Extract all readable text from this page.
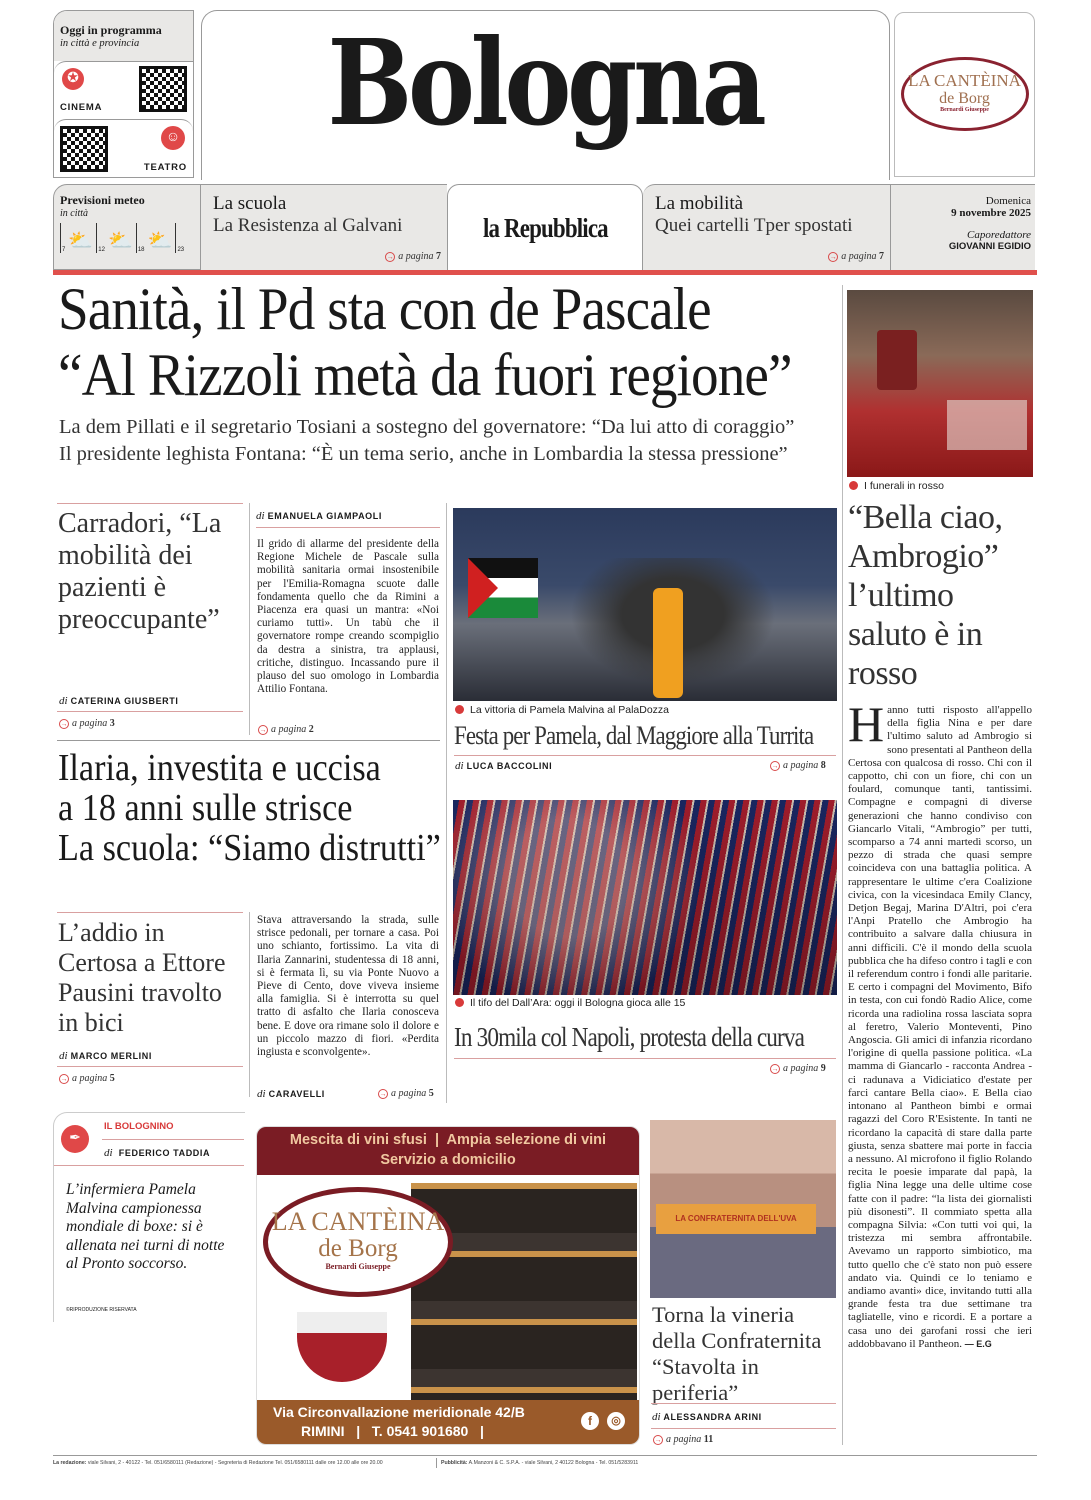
Oggi in programma
in città e provincia
✪
CINEMA
☺
TEATRO
Bologna	LA CANTÈINA
de Borg
Bernardi Giuseppe
Previsioni meteo
in città
7 ⛅ 12 ⛅ 18 ⛅ 23
La scuola
La Resistenza al Galvani
→ a pagina 7
la Repubblica
La mobilità
Quei cartelli Tper spostati
→ a pagina 7
Domenica
9 novembre 2025
Caporedattore
GIOVANNI EGIDIO
Sanità, il Pd sta con de Pascale
“Al Rizzoli metà da fuori regione”
La dem Pillati e il segretario Tosiani a sostegno del governatore: “Da lui atto di coraggio”
Il presidente leghista Fontana: “È un tema serio, anche in Lombardia la stessa pressione”
Carradori, “La mobilità dei pazienti è preoccupante”
di CATERINA GIUSBERTI
→ a pagina 3
di EMANUELA GIAMPAOLI
Il grido di allarme del presidente della Regione Michele de Pascale sulla mobilità sanitaria ormai insostenibile per l'Emilia-Romagna scuote dalle fondamenta quello che da Rimini a Piacenza era quasi un mantra: «Noi curiamo tutti». Un tabù che il governatore rompe creando scompiglio da destra a sinistra, tra applausi, critiche, distinguo. Incassando pure il plauso del suo omologo in Lombardia Attilio Fontana.
→ a pagina 2
La vittoria di Pamela Malvina al PalaDozza
Festa per Pamela, dal Maggiore alla Turrita
di LUCA BACCOLINI	→ a pagina 8
Ilaria, investita e uccisa
a 18 anni sulle strisce
La scuola: “Siamo distrutti”
L’addio in Certosa a Ettore Pausini travolto in bici
di MARCO MERLINI
→ a pagina 5
Stava attraversando la strada, sulle strisce pedonali, per tornare a casa. Poi uno schianto, fortissimo. La vita di Ilaria Zannarini, studentessa di 18 anni, si è fermata lì, su via Ponte Nuovo a Pieve di Cento, dove viveva insieme alla famiglia. Si è interrotta su quel tratto di asfalto che Ilaria conosceva bene. E dove ora rimane solo il dolore e un piccolo mazzo di fiori. «Perdita ingiusta e sconvolgente».
di CARAVELLI	→ a pagina 5
Il tifo del Dall’Ara: oggi il Bologna gioca alle 15
In 30mila col Napoli, protesta della curva
→ a pagina 9
I funerali in rosso
“Bella ciao, Ambrogio” l’ultimo saluto è in rosso
Hanno tutti risposto all'appello della figlia Nina e per dare l'ultimo saluto ad Ambrogio si sono presentati al Pantheon della Certosa con qualcosa di rosso. Chi con il cappotto, chi con un fiore, chi con un foulard, comunque tanti, tantissimi. Compagne e compagni di diverse generazioni che hanno condiviso con Giancarlo Vitali, “Ambrogio” per tutti, scomparso a 74 anni martedì scorso, un pezzo di strada che quasi sempre coincideva con una battaglia politica. A rappresentare le ultime c'era Coalizione civica, con la vicesindaca Emily Clancy, Detjon Begaj, Marina D'Altri, poi c'era l'Anpi Pratello che Ambrogio ha contribuito a salvare dalla chiusura in anni difficili. C'è il mondo della scuola pubblica che ha difeso contro i tagli e con il referendum contro i fondi alle paritarie. E certo i compagni del Movimento, Bifo in testa, con cui fondò Radio Alice, come ricorda una radiolina rossa lasciata sopra al feretro, Valerio Monteventi, Pino Angoscia. Gli amici di infanzia ricordano l'origine di quella passione politica. «La mamma di Giancarlo - racconta Andrea - ci radunava a Vidiciatico d'estate per farci cantare Bella ciao». E Bella ciao intonano al Pantheon bimbi e ormai ragazzi del Coro R'Esistente. In tanti ne ricordano la capacità di stare dalla parte giusta, senza sbattere mai porte in faccia a nessuno. Al microfono il figlio Rolando recita le poesie imparate dal papà, la figlia Nina legge una delle ultime cose fatte con il padre: “la lista dei giornalisti più disonesti”. Il commiato spetta alla compagna Silvia: «Con tutti voi qui, la tristezza mi sembra affrontabile. Avevamo un rapporto simbiotico, ma tutto quello che c'è stato non può essere andato via. Quindi ce lo teniamo e andiamo avanti» dice, invitando tutti alla grande festa tra due settimane tra tagliatelle, vino e ricordi. E a portare a casa uno dei garofani rossi che ieri addobbavano il Pantheon. — E.G
✒
IL BOLOGNINO
di FEDERICO TADDIA
L’infermiera Pamela Malvina campionessa mondiale di boxe: si è allenata nei turni di notte al Pronto soccorso.
©RIPRODUZIONE RISERVATA
Mescita di vini sfusi  |  Ampia selezione di vini
Servizio a domicilio
LA CANTÈINA
de Borg
Bernardi Giuseppe
Via Circonvallazione meridionale 42/B
RIMINI   |   T. 0541 901680   |
f	◎
LA CONFRATERNITA DELL'UVA
Torna la vineria della Confraternita “Stavolta in periferia”
di ALESSANDRA ARINI
→ a pagina 11
La redazione: viale Silvani, 2 - 40122 - Tel. 051/6580111 (Redazione) - Segreteria di Redazione Tel. 051/6580111 dalle ore 12.00 alle ore 20.00	Pubblicità: A.Manzoni & C. S.P.A. - viale Silvani, 2 40122 Bologna - Tel. 051/5283911
